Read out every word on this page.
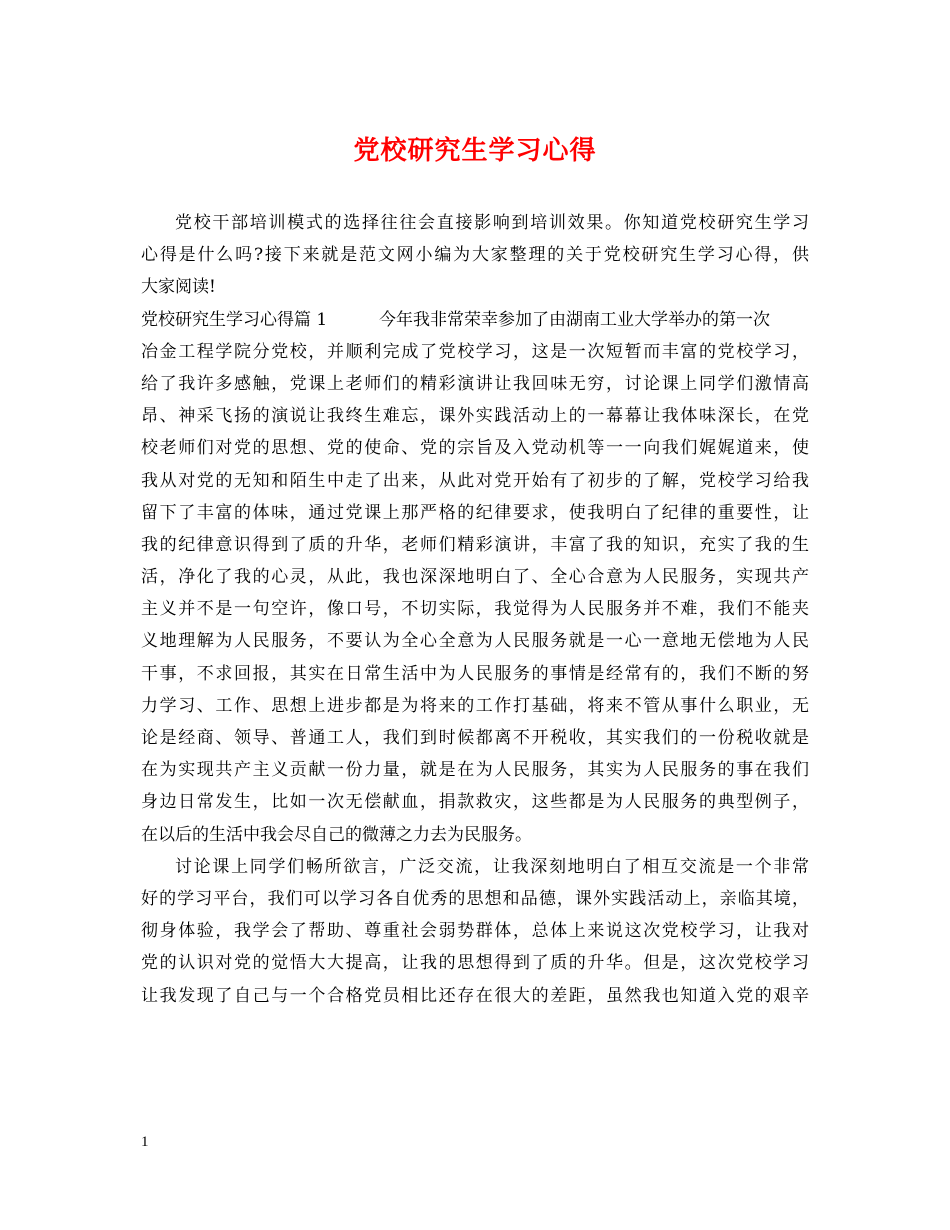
党校研究生学习心得
党校干部培训模式的选择往往会直接影响到培训效果。你知道党校研究生学习
心得是什么吗?接下来就是范文网小编为大家整理的关于党校研究生学习心得，供
大家阅读!
党校研究生学习心得篇 1	今年我非常荣幸参加了由湖南工业大学举办的第一次
冶金工程学院分党校，并顺利完成了党校学习，这是一次短暂而丰富的党校学习，
给了我许多感触，党课上老师们的精彩演讲让我回味无穷，讨论课上同学们激情高
昂、神采飞扬的演说让我终生难忘，课外实践活动上的一幕幕让我体味深长，在党
校老师们对党的思想、党的使命、党的宗旨及入党动机等一一向我们娓娓道来，使
我从对党的无知和陌生中走了出来，从此对党开始有了初步的了解，党校学习给我
留下了丰富的体味，通过党课上那严格的纪律要求，使我明白了纪律的重要性，让
我的纪律意识得到了质的升华，老师们精彩演讲，丰富了我的知识，充实了我的生
活，净化了我的心灵，从此，我也深深地明白了、全心合意为人民服务，实现共产
主义并不是一句空许，像口号，不切实际，我觉得为人民服务并不难，我们不能夹
义地理解为人民服务，不要认为全心全意为人民服务就是一心一意地无偿地为人民
干事，不求回报，其实在日常生活中为人民服务的事情是经常有的，我们不断的努
力学习、工作、思想上进步都是为将来的工作打基础，将来不管从事什么职业，无
论是经商、领导、普通工人，我们到时候都离不开税收，其实我们的一份税收就是
在为实现共产主义贡献一份力量，就是在为人民服务，其实为人民服务的事在我们
身边日常发生，比如一次无偿献血，捐款救灾，这些都是为人民服务的典型例子，
在以后的生活中我会尽自己的微薄之力去为民服务。
讨论课上同学们畅所欲言，广泛交流，让我深刻地明白了相互交流是一个非常
好的学习平台，我们可以学习各自优秀的思想和品德，课外实践活动上，亲临其境，
彻身体验，我学会了帮助、尊重社会弱势群体，总体上来说这次党校学习，让我对
党的认识对党的觉悟大大提高，让我的思想得到了质的升华。但是，这次党校学习
让我发现了自己与一个合格党员相比还存在很大的差距，虽然我也知道入党的艰辛
1
